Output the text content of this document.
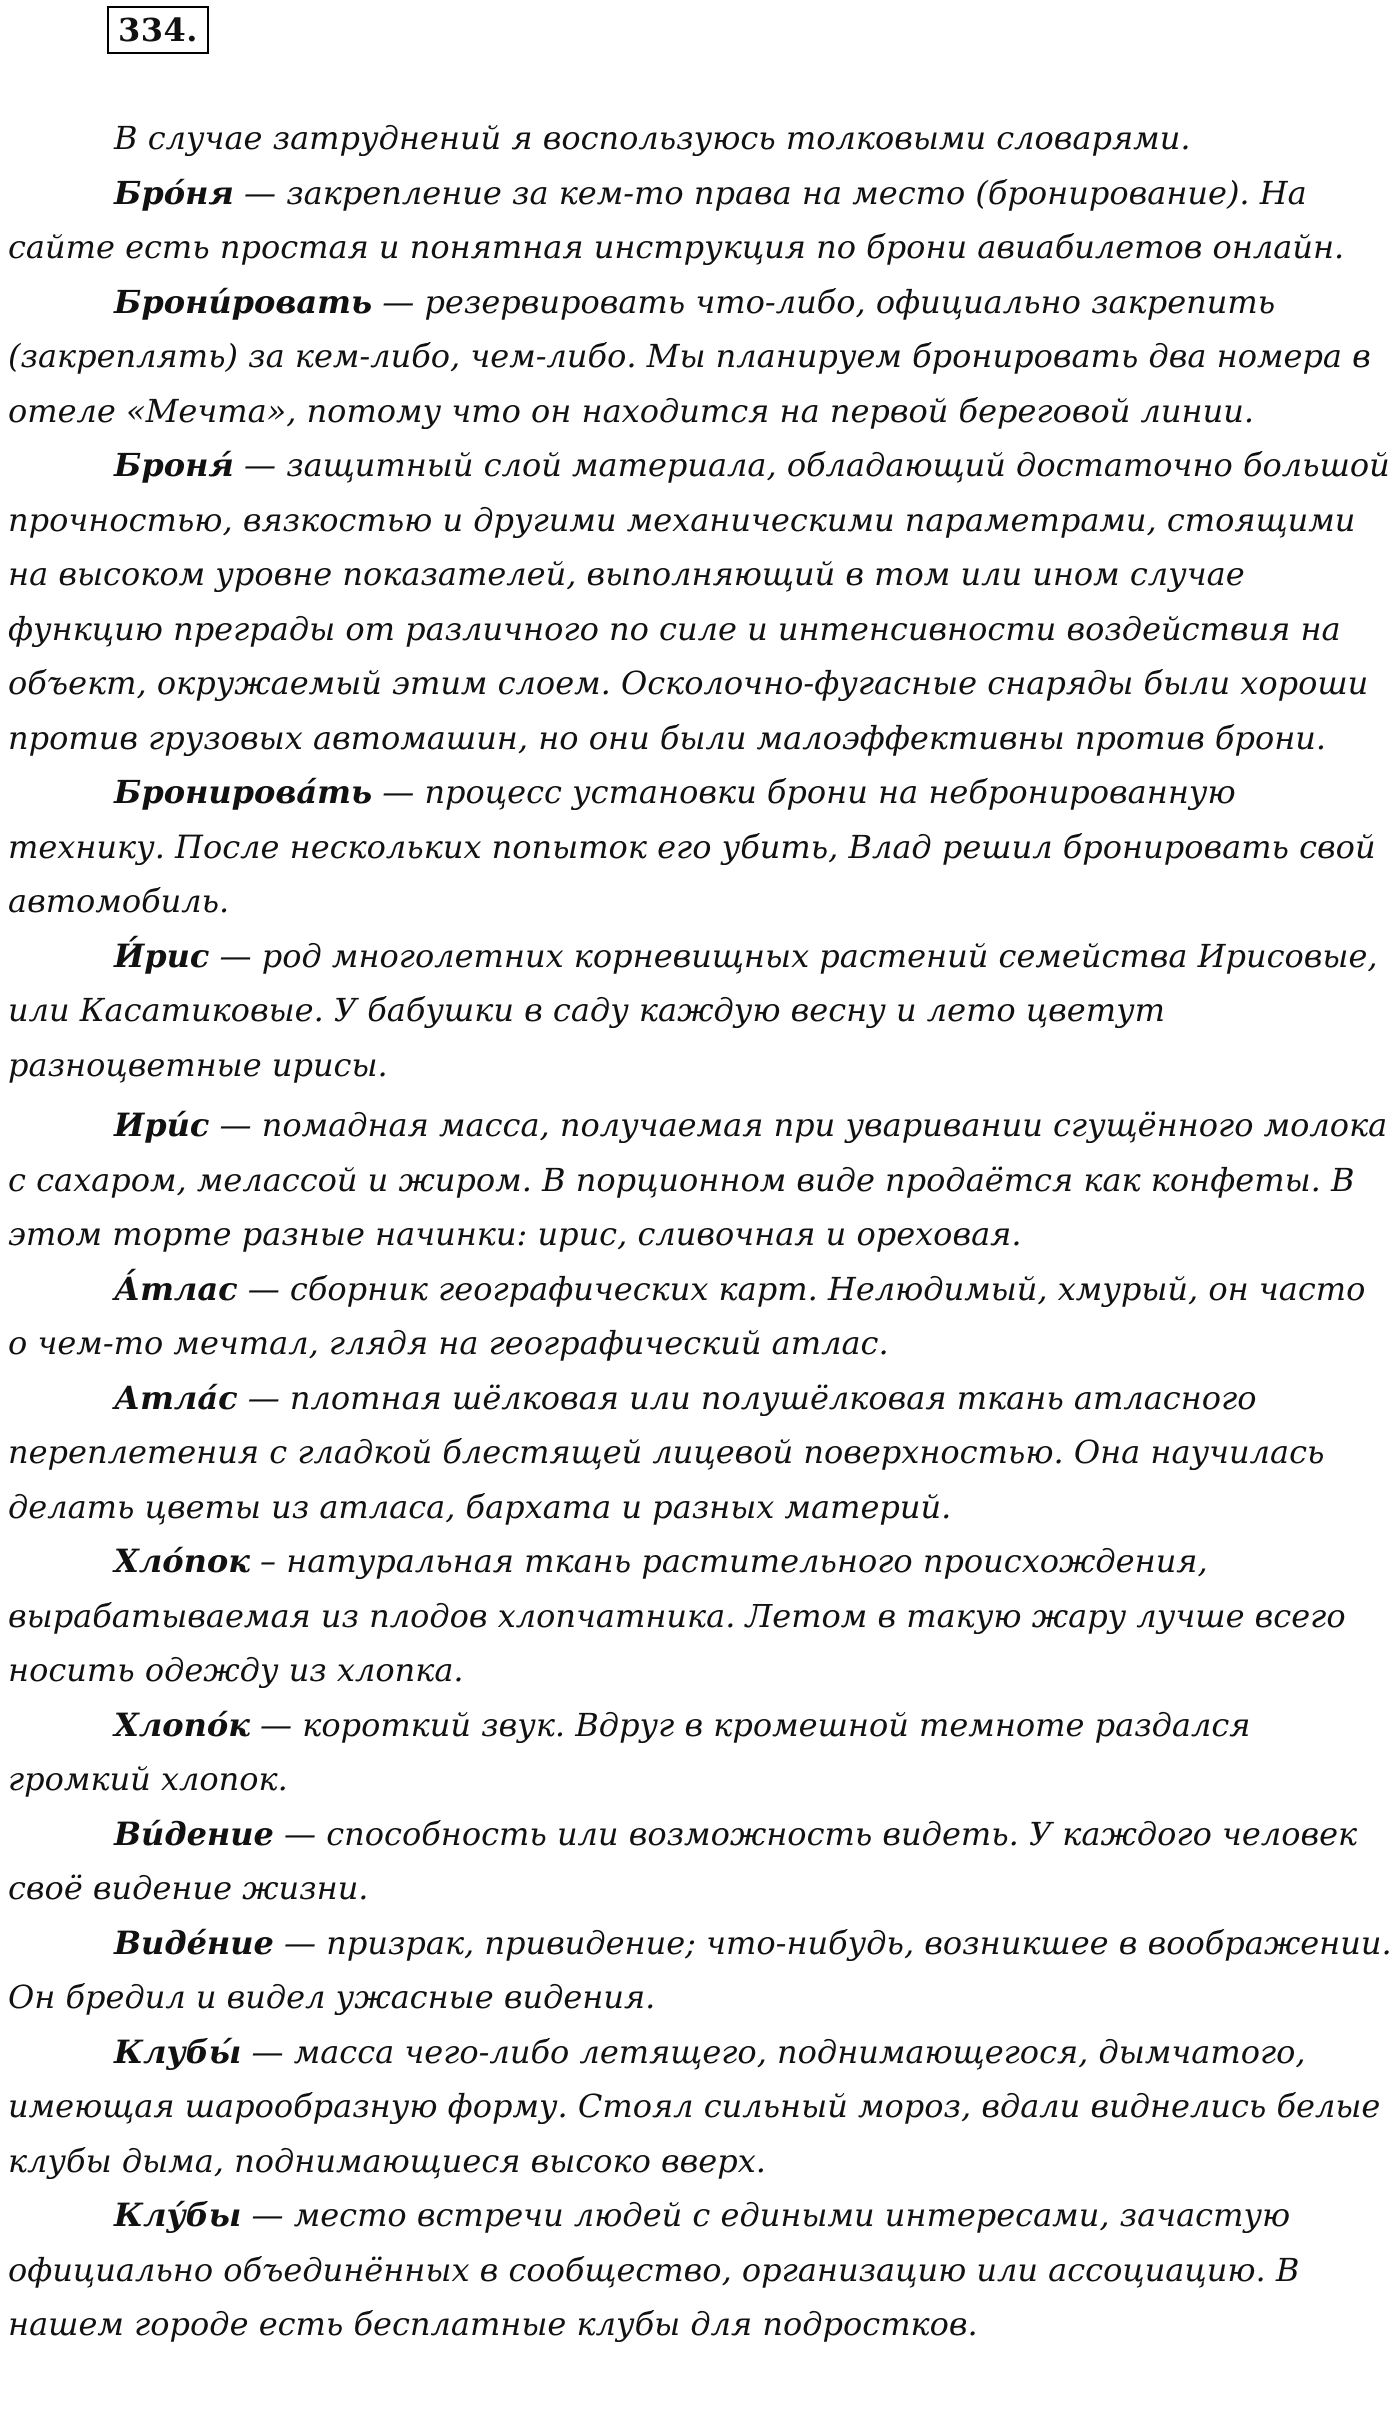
334.

В случае затруднений я воспользуюсь толковыми словарями.

Бро́ня — закрепление за кем-то права на место (бронирование). На сайте есть простая и понятная инструкция по брони авиабилетов онлайн.

Брони́ровать — резервировать что-либо, официально закрепить (закреплять) за кем-либо, чем-либо. Мы планируем бронировать два номера в отеле «Мечта», потому что он находится на первой береговой линии.

Броня́ — защитный слой материала, обладающий достаточно большой прочностью, вязкостью и другими механическими параметрами, стоящими на высоком уровне показателей, выполняющий в том или ином случае функцию преграды от различного по силе и интенсивности воздействия на объект, окружаемый этим слоем. Осколочно-фугасные снаряды были хороши против грузовых автомашин, но они были малоэффективны против брони.

Бронирова́ть — процесс установки брони на небронированную технику. После нескольких попыток его убить, Влад решил бронировать свой автомобиль.

И́рис — род многолетних корневищных растений семейства Ирисовые, или Касатиковые. У бабушки в саду каждую весну и лето цветут разноцветные ирисы.

Ири́с — помадная масса, получаемая при уваривании сгущённого молока с сахаром, мелассой и жиром. В порционном виде продаётся как конфеты. В этом торте разные начинки: ирис, сливочная и ореховая.

А́тлас — сборник географических карт. Нелюдимый, хмурый, он часто о чем-то мечтал, глядя на географический атлас.

Атла́с — плотная шёлковая или полушёлковая ткань атласного переплетения с гладкой блестящей лицевой поверхностью. Она научилась делать цветы из атласа, бархата и разных материй.

Хло́пок – натуральная ткань растительного происхождения, вырабатываемая из плодов хлопчатника. Летом в такую жару лучше всего носить одежду из хлопка.

Хлопо́к — короткий звук. Вдруг в кромешной темноте раздался громкий хлопок.

Ви́дение — способность или возможность видеть. У каждого человек своё видение жизни.

Виде́ние — призрак, привидение; что-нибудь, возникшее в воображении. Он бредил и видел ужасные видения.

Клубы́ — масса чего-либо летящего, поднимающегося, дымчатого, имеющая шарообразную форму. Стоял сильный мороз, вдали виднелись белые клубы дыма, поднимающиеся высоко вверх.

Клу́бы — место встречи людей с едиными интересами, зачастую официально объединённых в сообщество, организацию или ассоциацию. В нашем городе есть бесплатные клубы для подростков.
